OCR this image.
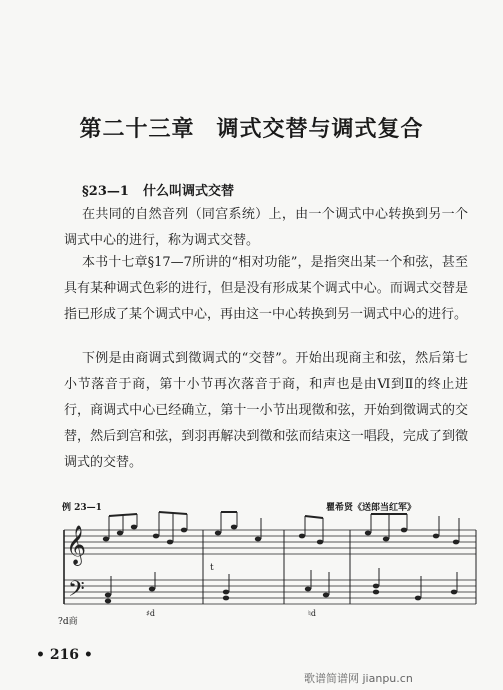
第二十三章 调式交替与调式复合
§23—1 什么叫调式交替
在共同的自然音列（同宫系统）上，由一个调式中心转换到另一个调式中心的进行，称为调式交替。
本书十七章§17—7所讲的“相对功能”，是指突出某一个和弦，甚至具有某种调式色彩的进行，但是没有形成某个调式中心。而调式交替是指已形成了某个调式中心，再由这一中心转换到另一调式中心的进行。
下例是由商调式到徵调式的“交替”。开始出现商主和弦，然后第七小节落音于商，第十小节再次落音于商，和声也是由Ⅵ到Ⅱ的终止进行，商调式中心已经确立，第十一小节出现徵和弦，开始到徵调式的交替，然后到宫和弦，到羽再解决到徵和弦而结束这一唱段，完成了到徵调式的交替。
例 23—1	瞿希贤《送郎当红军》
𝄞
𝄢
t
♯d	♮d
?d商
• 216 •
歌谱简谱网 jianpu.cn
